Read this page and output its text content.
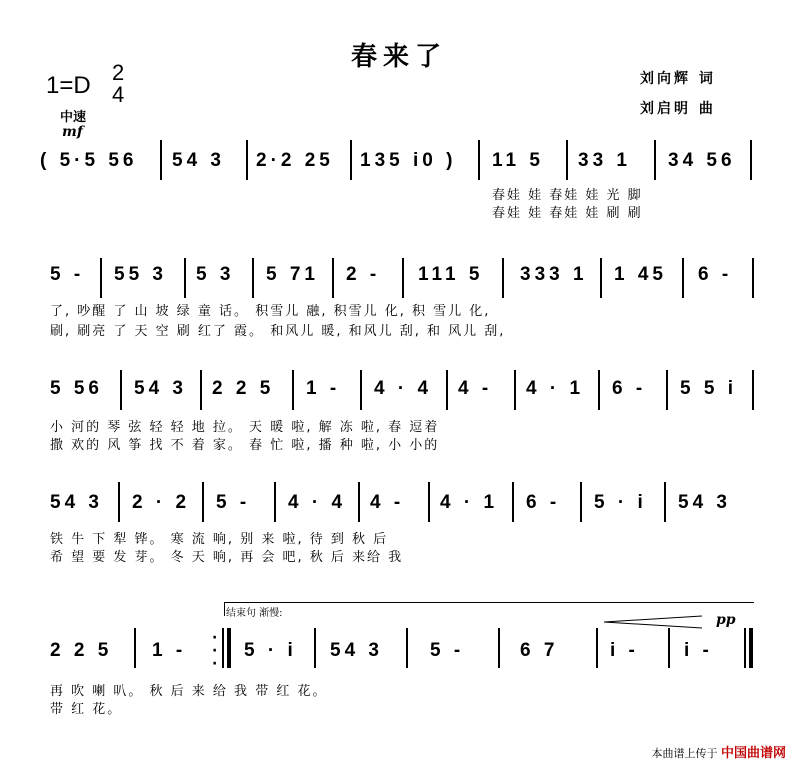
春来了
1=D 2
4
中速
mf
刘向辉 词
刘启明 曲
( 5·5 56 54 3 2·2 25 135 i0 ) 11 5 33 1 34 56
春娃 娃 春娃 娃 光 脚
春娃 娃 春娃 娃 刷 刷
5 - 55 3 5 3 5 71 2 - 111 5 333 1 1 45 6 -
了, 吵醒 了 山 坡 绿 童 话。 积雪儿 融, 积雪儿 化, 积 雪儿 化,
刷, 刷亮 了 天 空 刷 红了 霞。 和风儿 暖, 和风儿 刮, 和 风儿 刮,
5 56 54 3 2 2 5 1 - 4 · 4 4 - 4 · 1 6 - 5 5 i
小 河的 琴 弦 轻 轻 地 拉。 天 暖 啦, 解 冻 啦, 春 逗着
撒 欢的 风 筝 找 不 着 家。 春 忙 啦, 播 种 啦, 小 小的
54 3 2 · 2 5 - 4 · 4 4 - 4 · 1 6 - 5 · i 54 3
铁 牛 下 犁 铧。 寒 流 响, 别 来 啦, 待 到 秋 后
希 望 要 发 芽。 冬 天 响, 再 会 吧, 秋 后 来给 我
结束句 渐慢:	pp
2 2 5 1 -
·
·
·
5 · i 54 3 5 -	6 7	i - i -
再 吹 喇 叭。 秋 后 来 给 我 带 红 花。
带 红 花。
本曲谱上传于 中国曲谱网
